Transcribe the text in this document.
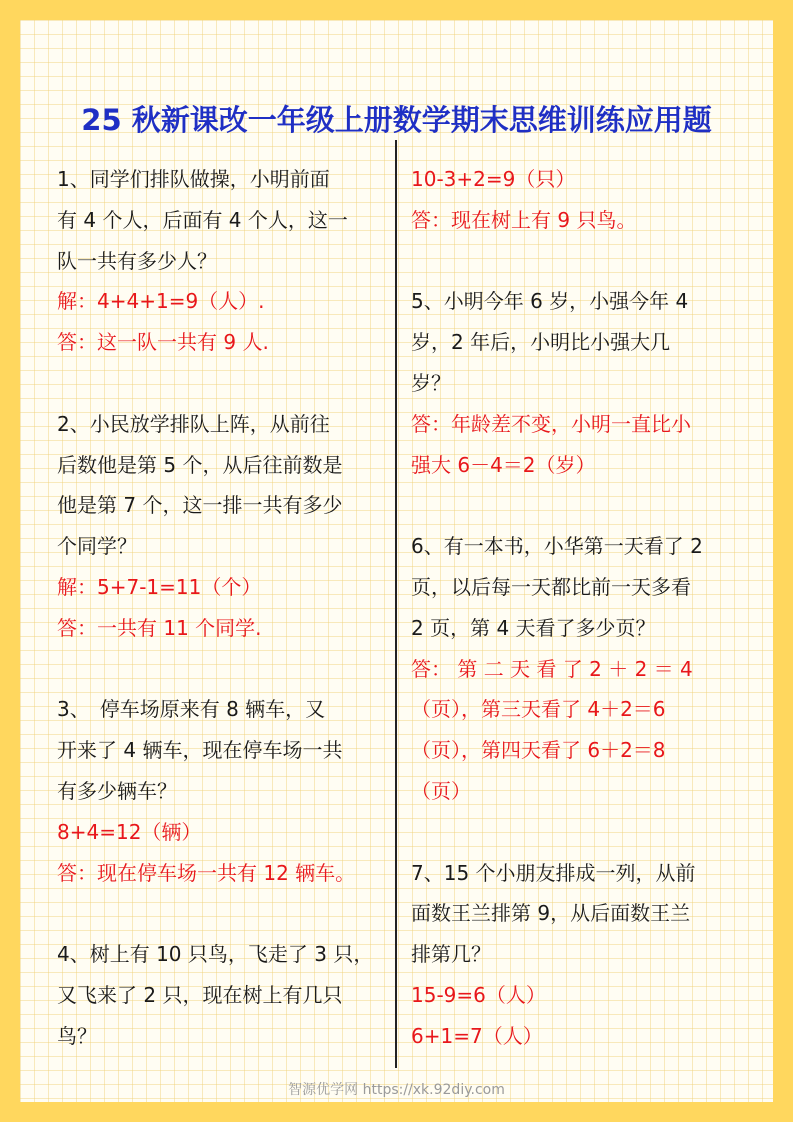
25 秋新课改一年级上册数学期末思维训练应用题
1、同学们排队做操，小明前面
有 4 个人，后面有 4 个人，这一
队一共有多少人？
解：4+4+1=9（人）.
答：这一队一共有 9 人.
2、小民放学排队上阵，从前往
后数他是第 5 个，从后往前数是
他是第 7 个，这一排一共有多少
个同学？
解：5+7-1=11（个）
答：一共有 11 个同学.
3、　停车场原来有 8 辆车，又
开来了 4 辆车，现在停车场一共
有多少辆车？
8+4=12（辆）
答：现在停车场一共有 12 辆车。
4、树上有 10 只鸟，飞走了 3 只，
又飞来了 2 只，现在树上有几只
鸟？
10-3+2=9（只）
答：现在树上有 9 只鸟。
5、小明今年 6 岁，小强今年 4
岁，2 年后，小明比小强大几
岁？
答：年龄差不变，小明一直比小
强大 6－4＝2（岁）
6、有一本书，小华第一天看了 2
页，以后每一天都比前一天多看
2 页，第 4 天看了多少页？
答： 第 二 天 看 了 2 ＋ 2 ＝ 4
（页），第三天看了 4＋2＝6
（页），第四天看了 6＋2＝8
（页）
7、15 个小朋友排成一列，从前
面数王兰排第 9，从后面数王兰
排第几？
15-9=6（人）
6+1=7（人）
智源优学网 https://xk.92diy.com
